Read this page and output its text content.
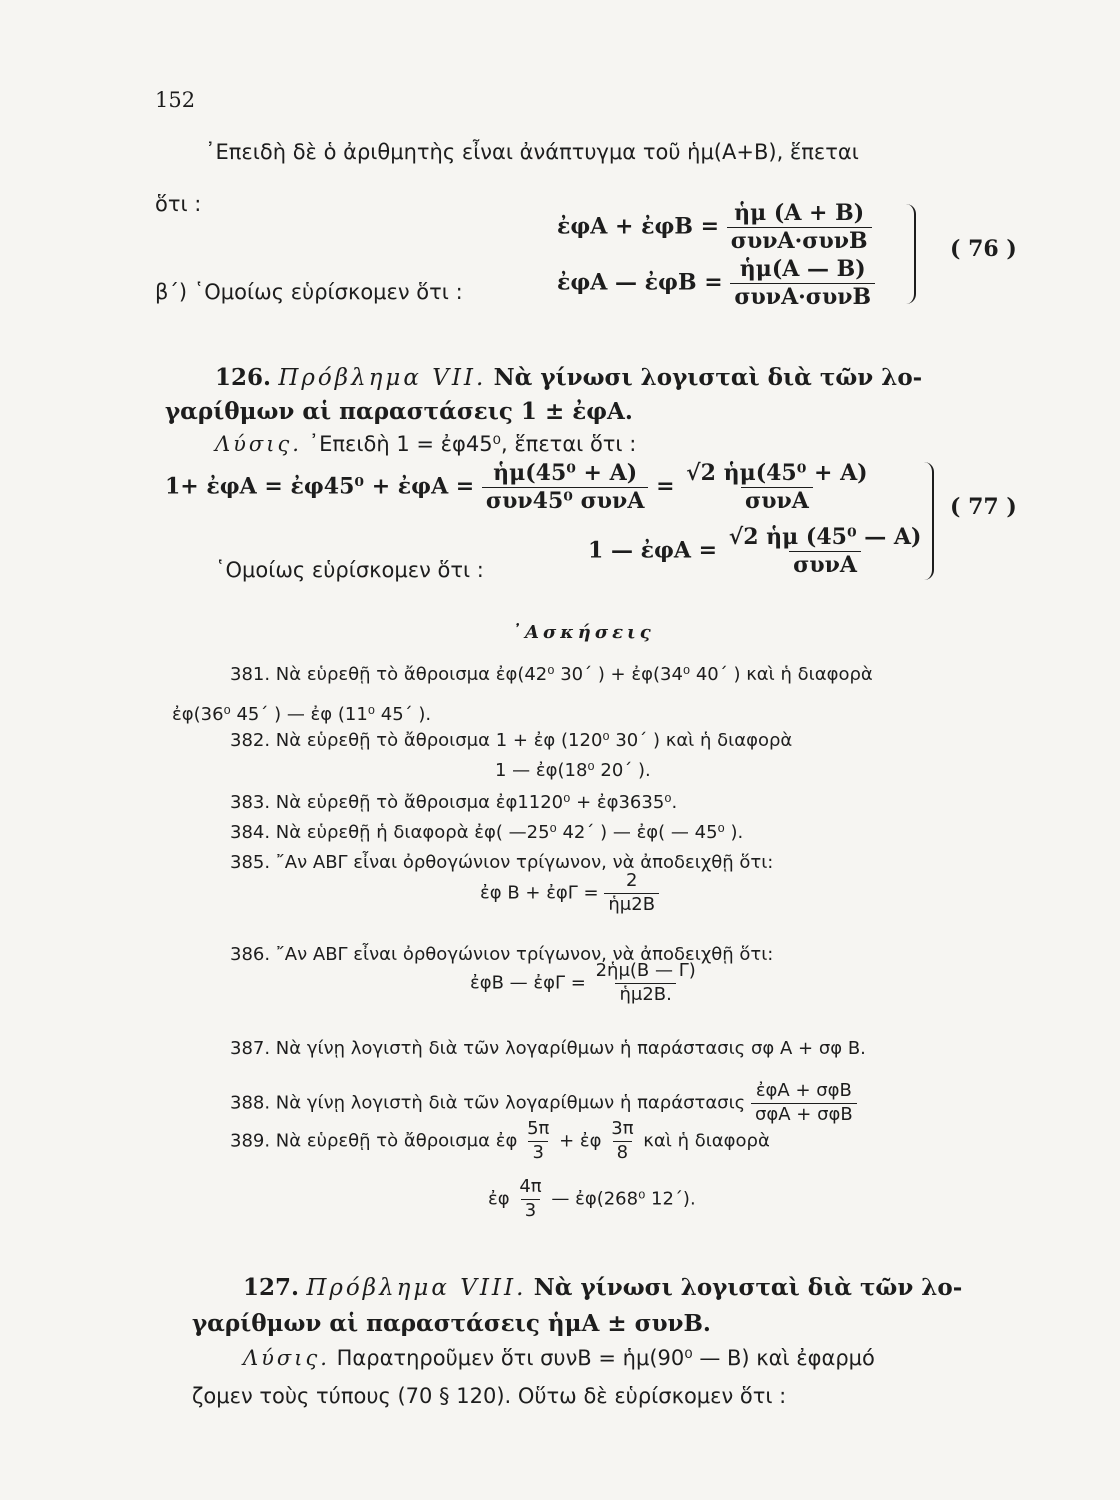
152
᾿Επειδὴ δὲ ὁ ἀριθμητὴς εἶναι ἀνάπτυγμα τοῦ ἡμ(Α+Β), ἕπεται
ὅτι :
ἐφΑ + ἐφΒ = $\frac{\text{ἡμ (Α + Β)}}{\text{συνΑ·συνΒ}}$
β΄) ῾Ομοίως εὑρίσκομεν ὅτι :	ἐφΑ — ἐφΒ = $\frac{\text{ἡμ(Α — Β)}}{\text{συνΑ·συνΒ}}$
( 76 )
126. Πρόβλημα VII. Νὰ γίνωσι λογισταὶ διὰ τῶν λο-
γαρίθμων αἱ παραστάσεις 1 ± ἐφΑ.
Λύσις. ᾿Επειδὴ 1 = ἐφ45⁰, ἕπεται ὅτι :
1+ ἐφΑ = ἐφ45⁰ + ἐφΑ = $\frac{\text{ἡμ(45⁰ + Α)}}{\text{συν45⁰ συνΑ}} = \frac{\text{√2 ἡμ(45⁰ + Α)}}{\text{συνΑ}}$
῾Ομοίως εὑρίσκομεν ὅτι :
1 — ἐφΑ = $\frac{\text{√2 ἡμ (45⁰ — Α)}}{\text{συνΑ}}$
( 77 )
᾿Ασκήσεις
381. Νὰ εὑρεθῇ τὸ ἄθροισμα ἐφ(42⁰ 30΄ ) + ἐφ(34⁰ 40΄ ) καὶ ἡ διαφορὰ
ἐφ(36⁰ 45΄ ) — ἐφ (11⁰ 45΄ ).
382. Νὰ εὑρεθῇ τὸ ἄθροισμα 1 + ἐφ (120⁰ 30΄ ) καὶ ἡ διαφορὰ
1 — ἐφ(18⁰ 20΄ ).
383. Νὰ εὑρεθῇ τὸ ἄθροισμα ἐφ1120⁰ + ἐφ3635⁰.
384. Νὰ εὑρεθῇ ἡ διαφορὰ ἐφ( —25⁰ 42΄ ) — ἐφ( — 45⁰ ).
385. ῎Αν ΑΒΓ εἶναι ὀρθογώνιον τρίγωνον, νὰ ἀποδειχθῇ ὅτι:
ἐφ Β + ἐφΓ = $\frac{2}{\text{ἡμ2Β}}$
386. ῎Αν ΑΒΓ εἶναι ὀρθογώνιον τρίγωνον, νὰ ἀποδειχθῇ ὅτι:
ἐφΒ — ἐφΓ = $\frac{\text{2ἡμ(Β — Γ)}}{\text{ἡμ2Β.}}$
387. Νὰ γίνῃ λογιστὴ διὰ τῶν λογαρίθμων ἡ παράστασις σφ Α + σφ Β.
388. Νὰ γίνῃ λογιστὴ διὰ τῶν λογαρίθμων ἡ παράστασις $\frac{\text{ἐφΑ + σφΒ}}{\text{σφΑ + σφΒ}}$
389. Νὰ εὑρεθῇ τὸ ἄθροισμα ἐφ $\frac{5\pi}{3}$ + ἐφ $\frac{3\pi}{8}$ καὶ ἡ διαφορὰ
ἐφ $\frac{4\pi}{3}$ — ἐφ(268⁰ 12΄).
127. Πρόβλημα VIII. Νὰ γίνωσι λογισταὶ διὰ τῶν λο-
γαρίθμων αἱ παραστάσεις ἡμΑ ± συνΒ.
Λύσις. Παρατηροῦμεν ὅτι συνΒ = ἡμ(90⁰ — Β) καὶ ἐφαρμό
ζομεν τοὺς τύπους (70 § 120). Οὕτω δὲ εὑρίσκομεν ὅτι :
